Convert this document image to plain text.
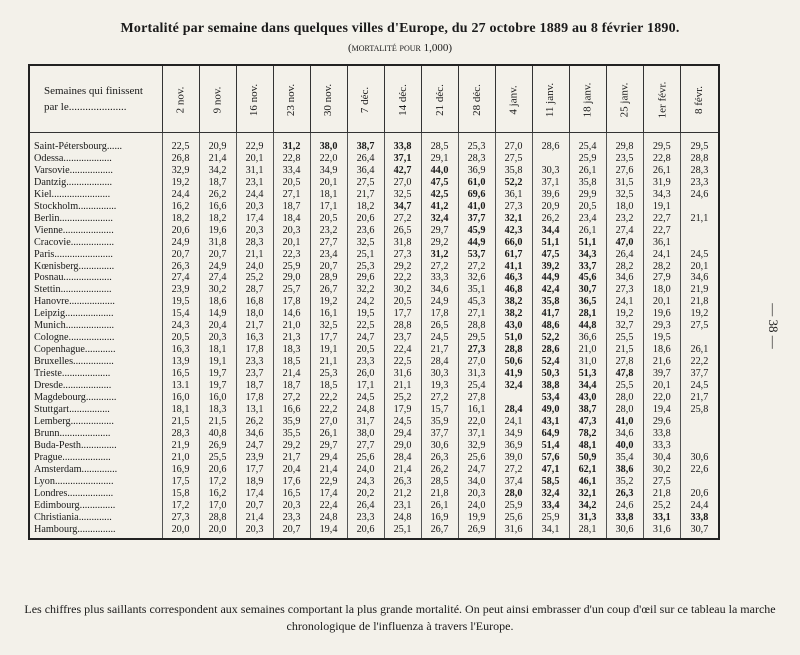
Mortalité par semaine dans quelques villes d'Europe, du 27 octobre 1889 au 8 février 1890.
(mortalité pour 1,000)
Semaines qui finissent
par le.....................	2 nov.	9 nov.	16 nov.	23 nov.	30 nov.	7 déc.	14 déc.	21 déc.	28 déc.	4 janv.	11 janv.	18 janv.	25 janv.	1er févr.	8 févr.
Saint-Pétersbourg......	22,5	20,9	22,9	31,2	38,0	38,7	33,8	28,5	25,3	27,0	28,6	25,4	29,8	29,5	29,5
Odessa...................	26,8	21,4	20,1	22,8	22,0	26,4	37,1	29,1	28,3	27,5		25,9	23,5	22,8	28,8
Varsovie.................	32,9	34,2	31,1	33,4	34,9	36,4	42,7	44,0	36,9	35,8	30,3	26,1	27,6	26,1	28,3
Dantzig..................	19,2	18,7	23,1	20,5	20,1	27,5	27,0	47,5	61,0	52,2	37,1	35,8	31,5	31,9	23,3
Kiel.......................	24,4	26,2	24,4	27,1	18,1	21,7	32,5	42,5	69,6	36,1	39,6	29,9	32,5	34,3	24,6
Stockholm...............	16,2	16,6	20,3	18,7	17,1	18,2	34,7	41,2	41,0	27,3	20,9	20,5	18,0	19,1	
Berlin.....................	18,2	18,2	17,4	18,4	20,5	20,6	27,2	32,4	37,7	32,1	26,2	23,4	23,2	22,7	21,1
Vienne....................	20,6	19,6	20,3	20,3	23,2	23,6	26,5	29,7	45,9	42,3	34,4	26,1	27,4	22,7	
Cracovie.................	24,9	31,8	28,3	20,1	27,7	32,5	31,8	29,2	44,9	66,0	51,1	51,1	47,0	36,1	
Paris.......................	20,7	20,7	21,1	22,3	23,4	25,1	27,3	31,2	53,7	61,7	47,5	34,3	26,4	24,1	24,5
Kœnisberg..............	26,3	24,9	24,0	25,9	20,7	25,3	29,2	27,2	27,2	41,1	39,2	33,7	28,2	28,2	20,1
Posnau...................	27,4	27,4	25,2	29,0	28,9	29,6	22,2	33,3	32,6	46,3	44,9	45,6	34,6	27,9	34,6
Stettin....................	23,9	30,2	28,7	25,7	26,7	32,2	30,2	34,6	35,1	46,8	42,4	30,7	27,3	18,0	21,9
Hanovre..................	19,5	18,6	16,8	17,8	19,2	24,2	20,5	24,9	45,3	38,2	35,8	36,5	24,1	20,1	21,8
Leipzig...................	15,4	14,9	18,0	14,6	16,1	19,5	17,7	17,8	27,1	38,2	41,7	28,1	19,2	19,6	19,2
Munich...................	24,3	20,4	21,7	21,0	32,5	22,5	28,8	26,5	28,8	43,0	48,6	44,8	32,7	29,3	27,5
Cologne..................	20,5	20,3	16,3	21,3	17,7	24,7	23,7	24,5	29,5	51,0	52,2	36,6	25,5	19,5	
Copenhague............	16,3	18,1	17,8	18,3	19,1	20,5	22,4	21,7	27,3	28,8	28,6	21,0	21,5	18,6	26,1
Bruxelles................	13,9	19,1	23,3	18,5	21,1	23,3	22,5	28,4	27,0	50,6	52,4	31,0	27,8	21,6	22,2
Trieste...................	16,5	19,7	23,7	21,4	25,3	26,0	31,6	30,3	31,3	41,9	50,3	51,3	47,8	39,7	37,7
Dresde...................	13.1	19,7	18,7	18,7	18,5	17,1	21,1	19,3	25,4	32,4	38,8	34,4	25,5	20,1	24,5
Magdebourg............	16,0	16,0	17,8	27,2	22,2	24,5	25,2	27,2	27,8		53,4	43,0	28,0	22,0	21,7
Stuttgart................	18,1	18,3	13,1	16,6	22,2	24,8	17,9	15,7	16,1	28,4	49,0	38,7	28,0	19,4	25,8
Lemberg.................	21,5	21,5	26,2	35,9	27,0	31,7	24,5	35,9	22,0	24,1	43,1	47,3	41,0	29,6	
Brunn....................	28,3	40,8	34,6	35,5	26,1	38,0	29,4	37,7	37,1	34,9	64,9	78,2	34,6	33,8	
Buda-Pesth..............	21,9	26,9	24,7	29,2	29,7	27,7	29,0	30,6	32,9	36,9	51,4	48,1	40,0	33,3	
Prague...................	21,0	25,5	23,9	21,7	29,4	25,6	28,4	26,3	25,6	39,0	57,6	50,9	35,4	30,4	30,6
Amsterdam..............	16,9	20,6	17,7	20,4	21,4	24,0	21,4	26,2	24,7	27,2	47,1	62,1	38,6	30,2	22,6
Lyon.......................	17,5	17,2	18,9	17,6	22,9	24,3	26,3	28,5	34,0	37,4	58,5	46,1	35,2	27,5	
Londres..................	15,8	16,2	17,4	16,5	17,4	20,2	21,2	21,8	20,3	28,0	32,4	32,1	26,3	21,8	20,6
Edimbourg..............	17,2	17,0	20,7	20,3	22,4	26,4	23,1	26,1	24,0	25,9	33,4	34,2	24,6	25,2	24,4
Christiania.............	27,3	28,8	21,4	23,3	24,8	23,3	24,8	16,9	19,9	25,6	25,9	31,3	33,8	33,1	33,8
Hambourg...............	20,0	20,0	20,3	20,7	19,4	20,6	25,1	26,7	26,9	31,6	34,1	28,1	30,6	31,6	30,7
— 38 —
Les chiffres plus saillants correspondent aux semaines comportant la plus grande mortalité. On peut ainsi embrasser d'un coup d'œil sur ce tableau la marche chronologique de l'influenza à travers l'Europe.
